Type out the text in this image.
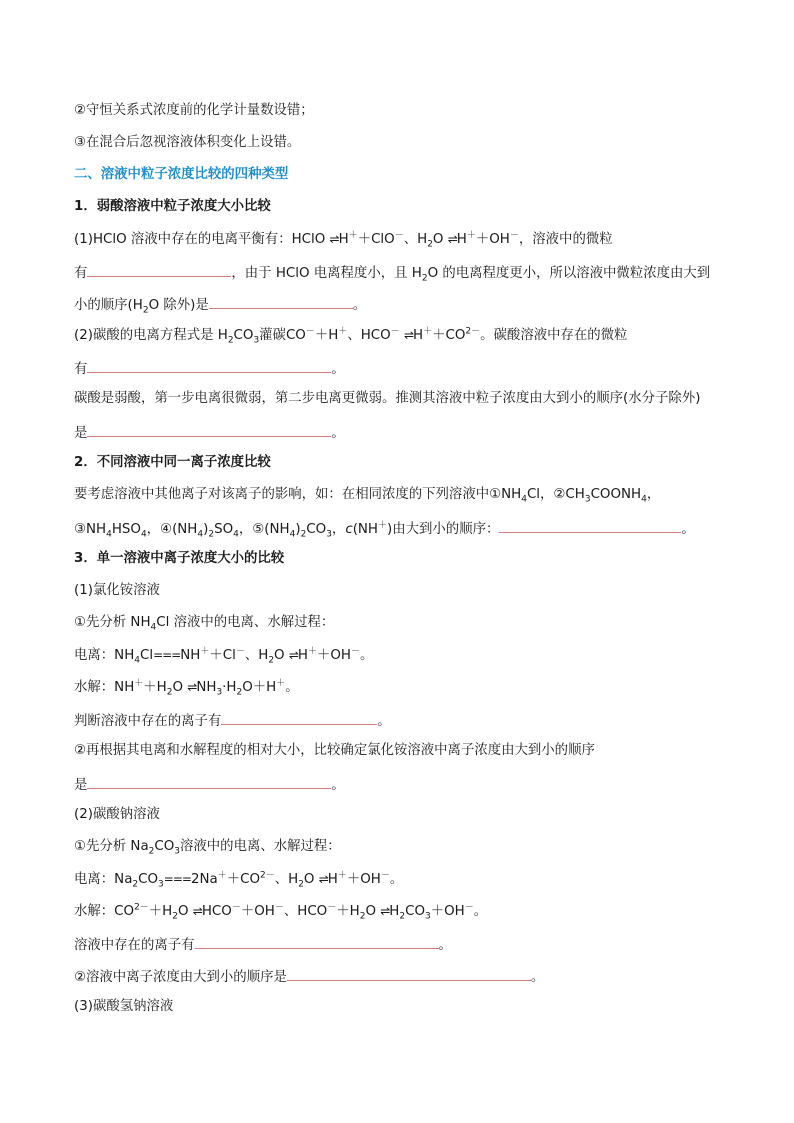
②守恒关系式浓度前的化学计量数设错；
③在混合后忽视溶液体积变化上设错。
二、溶液中粒子浓度比较的四种类型
1．弱酸溶液中粒子浓度大小比较
(1)HClO 溶液中存在的电离平衡有：HClO ⇌H＋＋ClO－、$H_2O$ ⇌H＋＋OH－，溶液中的微粒
有	，由于 HClO 电离程度小，且 $H_2O$ 的电离程度更小，所以溶液中微粒浓度由大到
小的顺序($H_2O$ 除外)是	。
(2)碳酸的电离方程式是 $H_2CO_3$灌碳CO－＋H＋、HCO－ $\rightleftharpoons H^++CO^{2-}$。碳酸溶液中存在的微粒
有	。
碳酸是弱酸，第一步电离很微弱，第二步电离更微弱。推测其溶液中粒子浓度由大到小的顺序(水分子除外)
是	。
2．不同溶液中同一离子浓度比较
要考虑溶液中其他离子对该离子的影响，如：在相同浓度的下列溶液中$①NH_4Cl$，$②CH_3COONH_4$，
$③NH_4HSO_4$，$④(NH_4)_2SO_4$，$⑤(NH_4)_2CO_3$，c(NH＋)由大到小的顺序：	。
3．单一溶液中离子浓度大小的比较
(1)氯化铵溶液
①先分析 $NH_4Cl$ 溶液中的电离、水解过程：
电离：$NH_4Cl===NH^++Cl^-$、$H_2O$ ⇌H＋＋OH－。
水解：$NH^++H_2O$ $\rightleftharpoons NH_3\cdot H_2O+H^+$。
判断溶液中存在的离子有	。
②再根据其电离和水解程度的相对大小，比较确定氯化铵溶液中离子浓度由大到小的顺序
是	。
(2)碳酸钠溶液
①先分析 $Na_2CO_3$溶液中的电离、水解过程：
电离：$Na_2CO_3===2Na^++CO^{2-}$、$H_2O$ ⇌H＋＋OH－。
水解：$CO^{2-}+H_2O$ ⇌HCO－＋OH－、$HCO^-+H_2O$ $\rightleftharpoons H_2CO_3+OH^-$。
溶液中存在的离子有	。
②溶液中离子浓度由大到小的顺序是	。
(3)碳酸氢钠溶液
